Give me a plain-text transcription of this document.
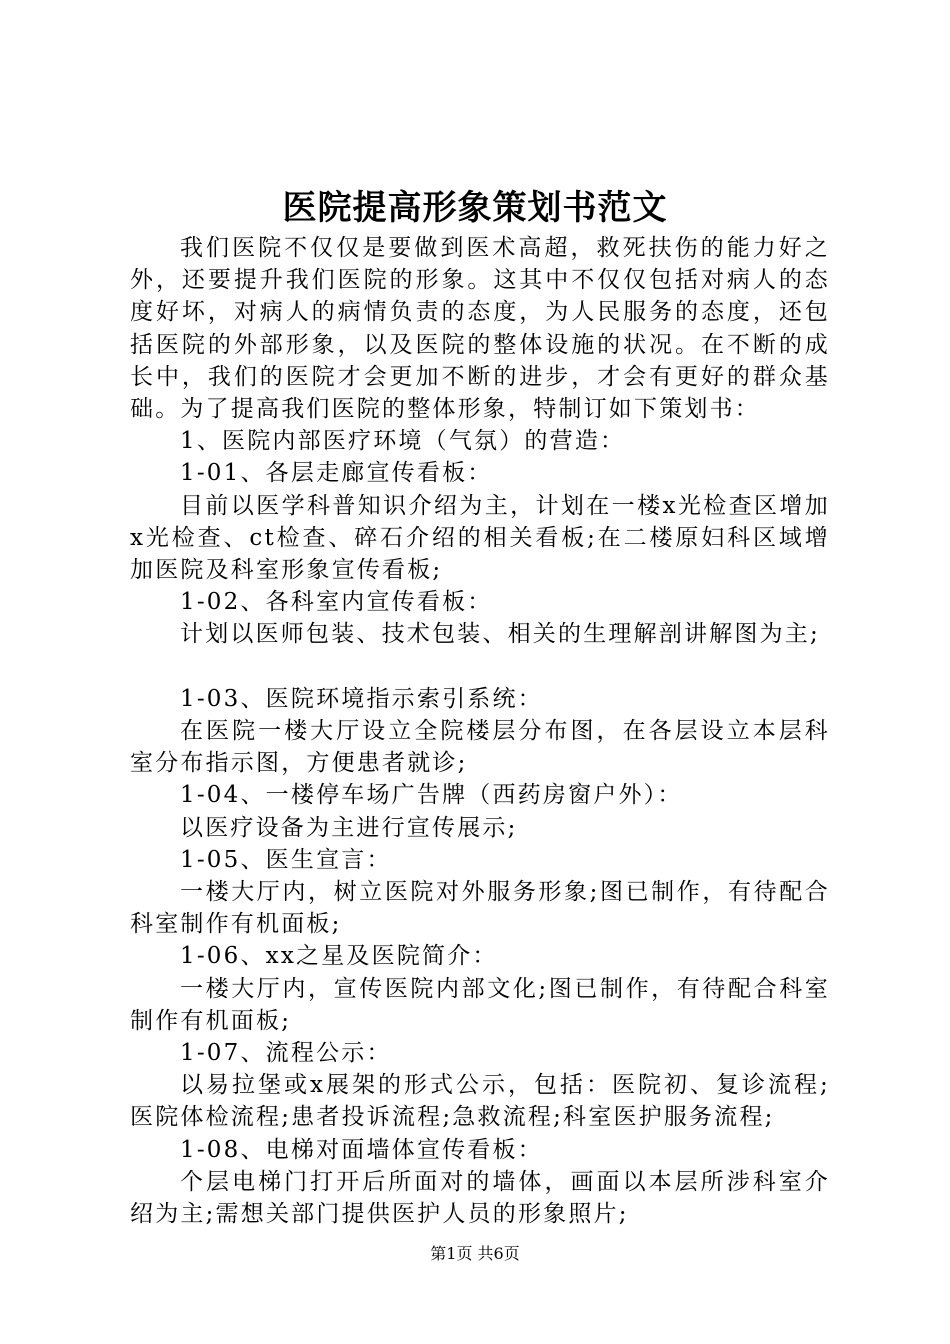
医院提高形象策划书范文

我们医院不仅仅是要做到医术高超，救死扶伤的能力好之外，还要提升我们医院的形象。这其中不仅仅包括对病人的态度好坏，对病人的病情负责的态度，为人民服务的态度，还包括医院的外部形象，以及医院的整体设施的状况。在不断的成长中，我们的医院才会更加不断的进步，才会有更好的群众基础。为了提高我们医院的整体形象，特制订如下策划书：

1、医院内部医疗环境（气氛）的营造：

1-01、各层走廊宣传看板：

目前以医学科普知识介绍为主，计划在一楼x光检查区增加x光检查、ct检查、碎石介绍的相关看板;在二楼原妇科区域增加医院及科室形象宣传看板;

1-02、各科室内宣传看板：

计划以医师包装、技术包装、相关的生理解剖讲解图为主;

1-03、医院环境指示索引系统：

在医院一楼大厅设立全院楼层分布图，在各层设立本层科室分布指示图，方便患者就诊;

1-04、一楼停车场广告牌（西药房窗户外）：

以医疗设备为主进行宣传展示;

1-05、医生宣言：

一楼大厅内，树立医院对外服务形象;图已制作，有待配合科室制作有机面板;

1-06、xx之星及医院简介：

一楼大厅内，宣传医院内部文化;图已制作，有待配合科室制作有机面板;

1-07、流程公示：

以易拉堡或x展架的形式公示，包括：医院初、复诊流程;医院体检流程;患者投诉流程;急救流程;科室医护服务流程;

1-08、电梯对面墙体宣传看板：

个层电梯门打开后所面对的墙体，画面以本层所涉科室介绍为主;需想关部门提供医护人员的形象照片;

第1页 共6页
